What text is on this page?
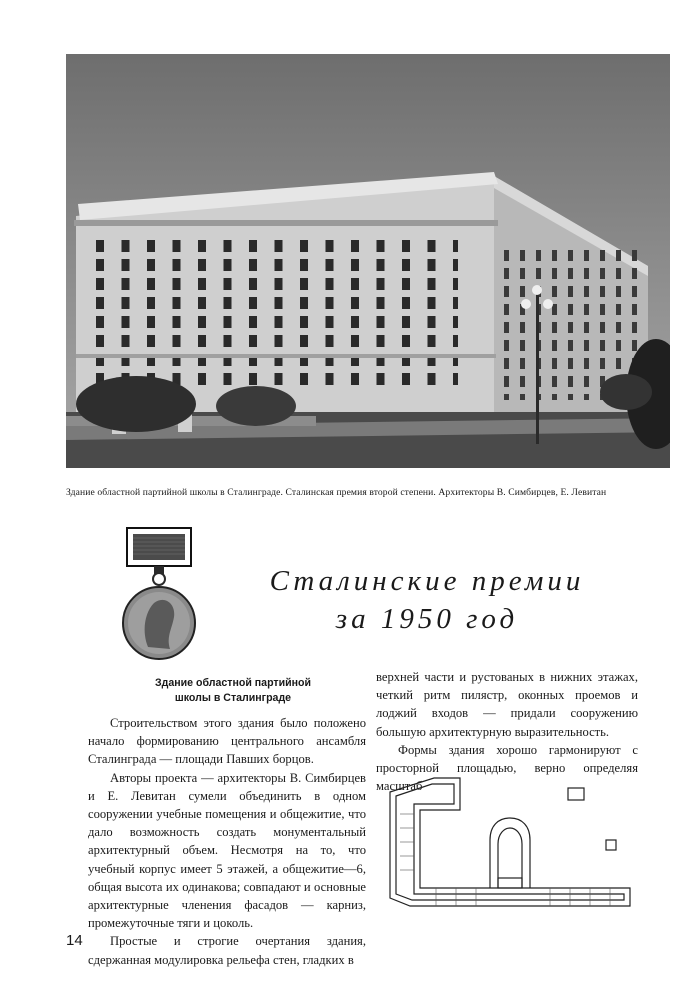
Здание областной партийной школы в Сталинграде. Сталинская премия второй степени. Архитекторы В. Симбирцев, Е. Левитан
Сталинские премии
за 1950 год
Здание областной партийной
школы в Сталинграде

Строительством этого здания было положено начало формированию центрального ансамбля Сталинграда — площади Павших борцов.

Авторы проекта — архитекторы В. Симбирцев и Е. Левитан сумели объединить в одном сооружении учебные помещения и общежитие, что дало возможность создать монументальный архитектурный объем. Несмотря на то, что учебный корпус имеет 5 этажей, а общежитие—6, общая высота их одинакова; совпадают и основные архитектурные членения фасадов — карниз, промежуточные тяги и цоколь.

Простые и строгие очертания здания, сдержанная модулировка рельефа стен, гладких в

верхней части и рустованых в нижних этажах, четкий ритм пилястр, оконных проемов и лоджий входов — придали сооружению большую архитектурную выразительность.

Формы здания хорошо гармонируют с просторной площадью, верно определяя масштаб

14
